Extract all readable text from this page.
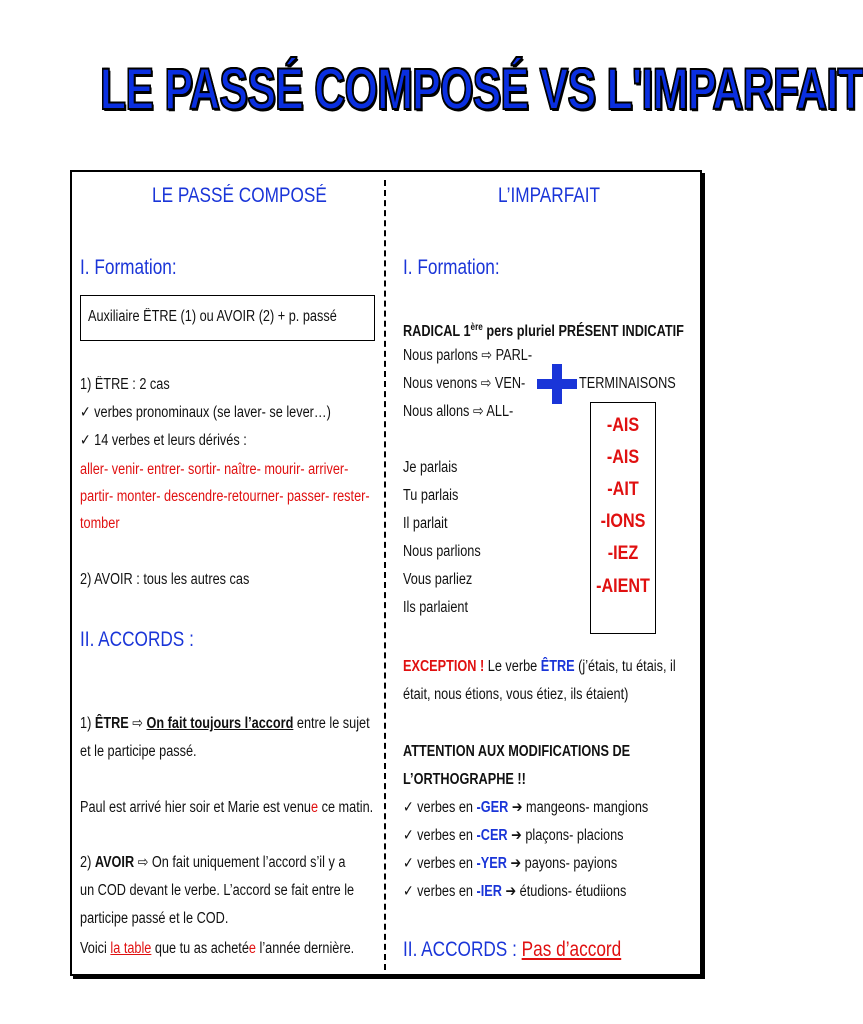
LE PASSÉ COMPOSÉ VS L'IMPARFAIT
LE PASSÉ COMPOSÉ
I. Formation:
Auxiliaire ÊTRE (1) ou AVOIR (2) + p. passé
1) ÊTRE : 2 cas
✓ verbes pronominaux (se laver- se lever…)
✓ 14 verbes et leurs dérivés :
aller- venir- entrer- sortir- naître- mourir- arriver-
partir- monter- descendre-retourner- passer- rester-
tomber
2) AVOIR : tous les autres cas
II. ACCORDS :
1) ÊTRE ⇨ On fait toujours l’accord entre le sujet
et le participe passé.
Paul est arrivé hier soir et Marie est venue ce matin.
2) AVOIR ⇨ On fait uniquement l’accord s’il y a
un COD devant le verbe. L’accord se fait entre le
participe passé et le COD.
Voici la table que tu as achetée l’année dernière.
L’IMPARFAIT
I. Formation:
RADICAL 1ère pers pluriel PRÉSENT INDICATIF
Nous parlons ⇨ PARL-
Nous venons ⇨ VEN-
Nous allons ⇨ ALL-
TERMINAISONS
-AIS
-AIS
-AIT
-IONS
-IEZ
-AIENT
Je parlais
Tu parlais
Il parlait
Nous parlions
Vous parliez
Ils parlaient
EXCEPTION ! Le verbe ÊTRE (j’étais, tu étais, il
était, nous étions, vous étiez, ils étaient)
ATTENTION AUX MODIFICATIONS DE
L’ORTHOGRAPHE !!
✓ verbes en -GER ➔ mangeons- mangions
✓ verbes en -CER ➔ plaçons- placions
✓ verbes en -YER ➔ payons- payions
✓ verbes en -IER ➔ étudions- étudiions
II. ACCORDS : Pas d’accord
